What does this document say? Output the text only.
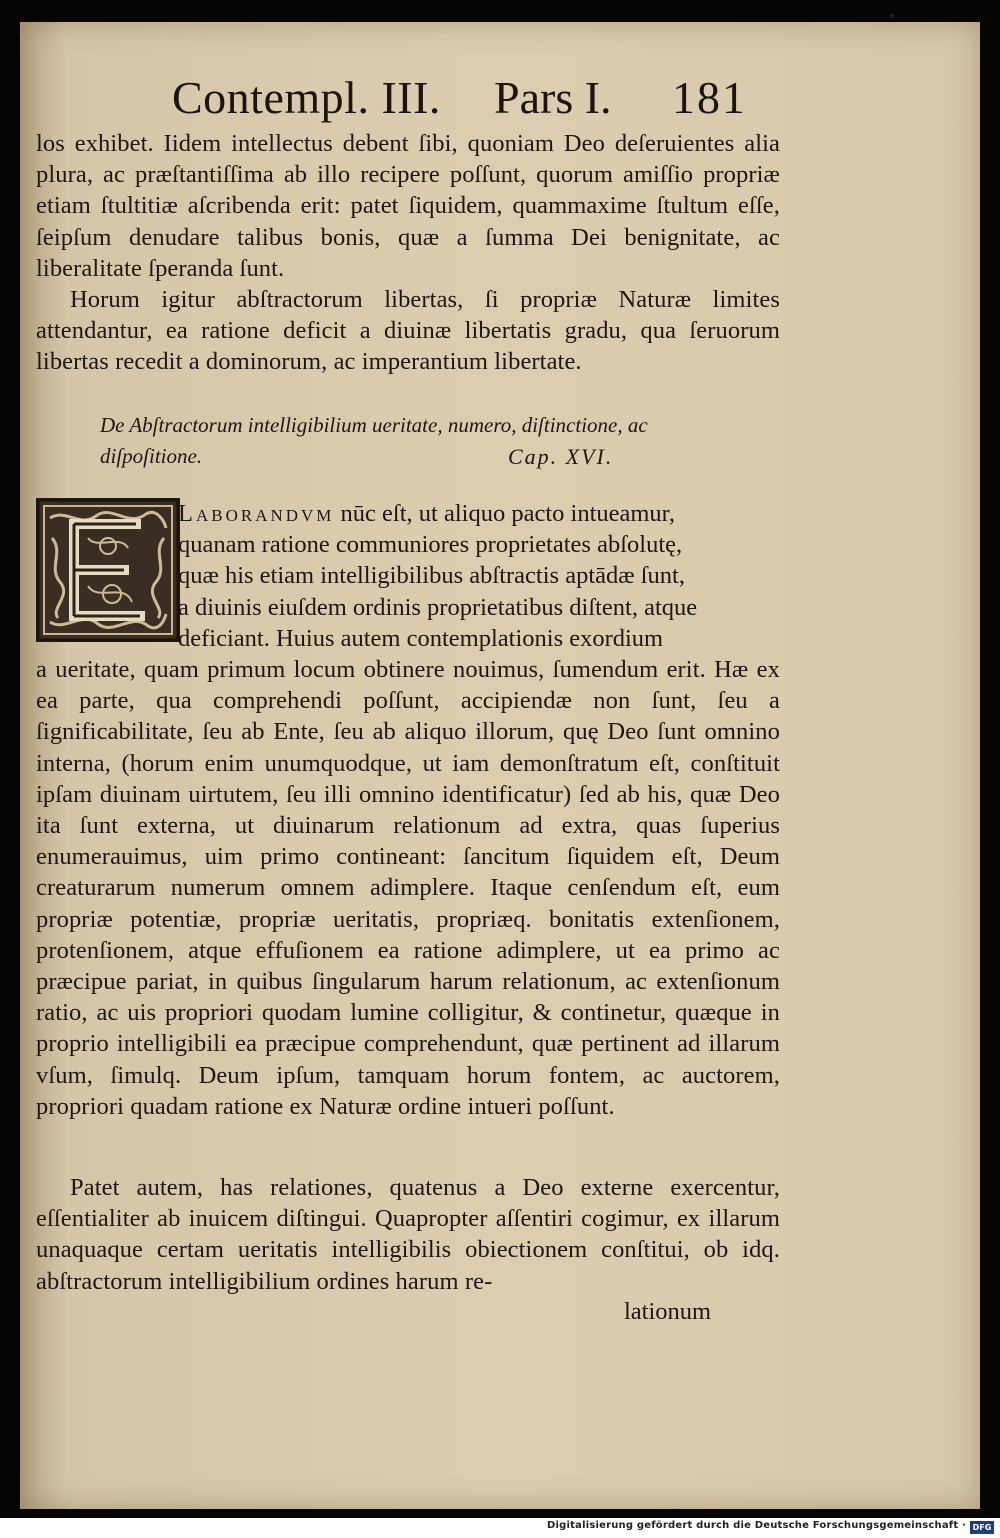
Contempl. III. Pars I. 181

los exhibet. Iidem intellectus debent ſibi, quoniam Deo deſeruientes alia plura, ac præſtantiſſima ab illo recipere poſſunt, quorum amiſſio propriæ etiam ſtultitiæ aſcribenda erit: patet ſiquidem, quammaxime ſtultum eſſe, ſeipſum denudare talibus bonis, quæ a ſumma Dei benignitate, ac liberalitate ſperanda ſunt.

Horum igitur abſtractorum libertas, ſi propriæ Naturæ limites attendantur, ea ratione deficit a diuinæ libertatis gradu, qua ſeruorum libertas recedit a dominorum, ac imperantium libertate.

De Abſtractorum intelligibilium ueritate, numero, diſtinctione, ac diſpoſitione.	Cap. XVI.
Laborandvm nūc eſt, ut aliquo pacto intueamur,
quanam ratione communiores proprietates abſolutę,
quæ his etiam intelligibilibus abſtractis aptādæ ſunt,
a diuinis eiuſdem ordinis proprietatibus diſtent, atque
deficiant. Huius autem contemplationis exordium

a ueritate, quam primum locum obtinere nouimus, ſumendum erit. Hæ ex ea parte, qua comprehendi poſſunt, accipiendæ non ſunt, ſeu a ſignificabilitate, ſeu ab Ente, ſeu ab aliquo illorum, quę Deo ſunt omnino interna, (horum enim unumquodque, ut iam demonſtratum eſt, conſtituit ipſam diuinam uirtutem, ſeu illi omnino identificatur) ſed ab his, quæ Deo ita ſunt externa, ut diuinarum relationum ad extra, quas ſuperius enumerauimus, uim primo contineant: ſancitum ſiquidem eſt, Deum creaturarum numerum omnem adimplere. Itaque cenſendum eſt, eum propriæ potentiæ, propriæ ueritatis, propriæq. bonitatis extenſionem, protenſionem, atque effuſionem ea ratione adimplere, ut ea primo ac præcipue pariat, in quibus ſingularum harum relationum, ac extenſionum ratio, ac uis propriori quodam lumine colligitur, & continetur, quæque in proprio intelligibili ea præcipue comprehendunt, quæ pertinent ad illarum vſum, ſimulq. Deum ipſum, tamquam horum fontem, ac auctorem, propriori quadam ratione ex Naturæ ordine intueri poſſunt.

Patet autem, has relationes, quatenus a Deo externe exercentur, eſſentialiter ab inuicem diſtingui. Quapropter aſſentiri cogimur, ex illarum unaquaque certam ueritatis intelligibilis obiectionem conſtitui, ob idq. abſtractorum intelligibilium ordines harum re-

lationum
Digitalisierung gefördert durch die Deutsche Forschungsgemeinschaft · DFG
